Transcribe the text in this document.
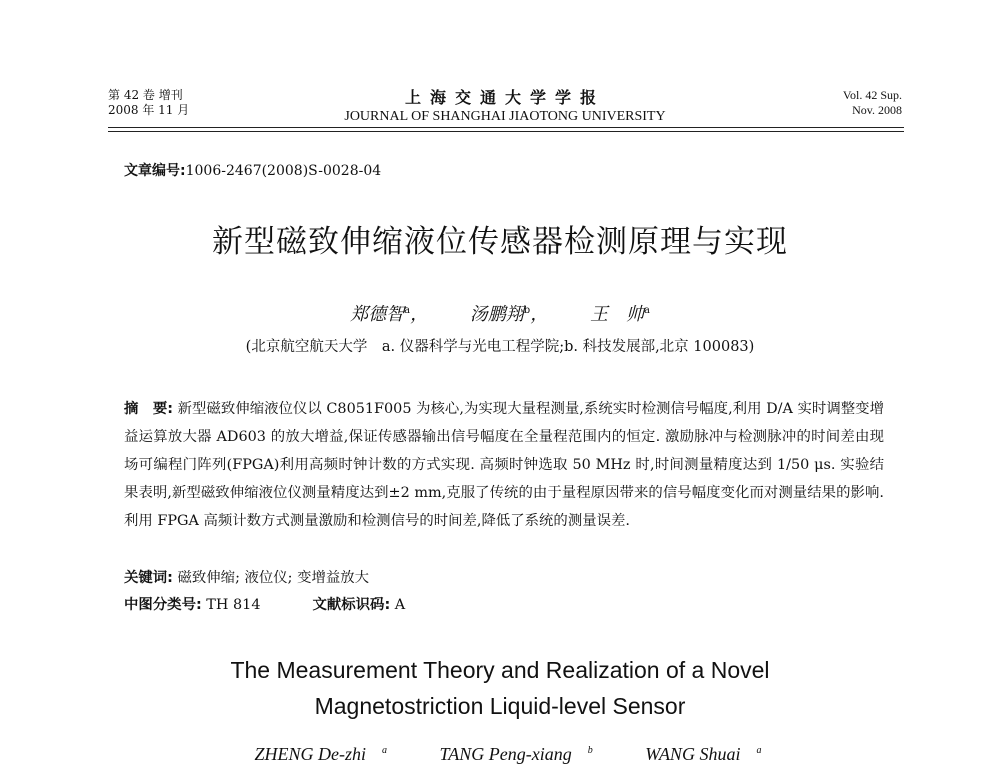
第 42 卷 增刊
2008 年 11 月
上海交通大学学报
JOURNAL OF SHANGHAI JIAOTONG UNIVERSITY
Vol. 42 Sup.
Nov. 2008
文章编号:1006-2467(2008)S-0028-04
新型磁致伸缩液位传感器检测原理与实现
郑德智$^a$， 汤鹏翔$^b$， 王　帅$^a$
(北京航空航天大学　a. 仪器科学与光电工程学院;b. 科技发展部,北京 100083)
摘　要: 新型磁致伸缩液位仪以 C8051F005 为核心,为实现大量程测量,系统实时检测信号幅度,利用 D/A 实时调整变增益运算放大器 AD603 的放大增益,保证传感器输出信号幅度在全量程范围内的恒定. 激励脉冲与检测脉冲的时间差由现场可编程门阵列(FPGA)利用高频时钟计数的方式实现. 高频时钟选取 50 MHz 时,时间测量精度达到 1/50 μs. 实验结果表明,新型磁致伸缩液位仪测量精度达到±2 mm,克服了传统的由于量程原因带来的信号幅度变化而对测量结果的影响. 利用 FPGA 高频计数方式测量激励和检测信号的时间差,降低了系统的测量误差.
关键词: 磁致伸缩; 液位仪; 变增益放大
中图分类号: TH 814	文献标识码: A
The Measurement Theory and Realization of a Novel
Magnetostriction Liquid-level Sensor
ZHENG De-zhi $^a$	TANG Peng-xiang $^b$	WANG Shuai $^a$
